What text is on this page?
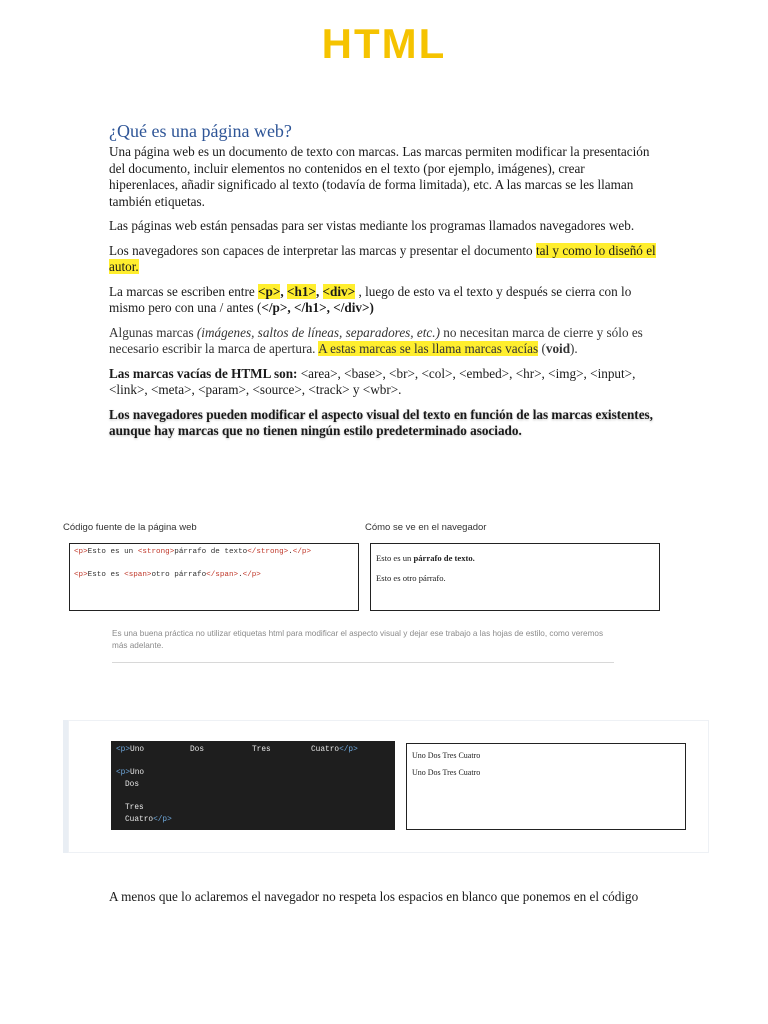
HTML
¿Qué es una página web?
Una página web es un documento de texto con marcas. Las marcas permiten modificar la presentación del documento, incluir elementos no contenidos en el texto (por ejemplo, imágenes), crear hiperenlaces, añadir significado al texto (todavía de forma limitada), etc. A las marcas se les llaman también etiquetas.
Las páginas web están pensadas para ser vistas mediante los programas llamados navegadores web.
Los navegadores son capaces de interpretar las marcas y presentar el documento tal y como lo diseñó el autor.
La marcas se escriben entre <p>, <h1>, <div> , luego de esto va el texto y después se cierra con lo mismo pero con una / antes (</p>, </h1>, </div>)
Algunas marcas (imágenes, saltos de líneas, separadores, etc.) no necesitan marca de cierre y sólo es necesario escribir la marca de apertura. A estas marcas se las llama marcas vacías (void).
Las marcas vacías de HTML son: <area>, <base>, <br>, <col>, <embed>, <hr>, <img>, <input>, <link>, <meta>, <param>, <source>, <track> y <wbr>.
Los navegadores pueden modificar el aspecto visual del texto en función de las marcas existentes, aunque hay marcas que no tienen ningún estilo predeterminado asociado.
Código fuente de la página web	Cómo se ve en el navegador
<p>Esto es un <strong>párrafo de texto</strong>.</p>
<p>Esto es <span>otro párrafo</span>.</p>
Esto es un párrafo de texto.
Esto es otro párrafo.
Es una buena práctica no utilizar etiquetas html para modificar el aspecto visual y dejar ese trabajo a las hojas de estilo, como veremos más adelante.
<p>Uno	Dos	Tres	Cuatro</p>
<p>Uno
Dos
Tres
Cuatro</p>
Uno Dos Tres Cuatro
Uno Dos Tres Cuatro
A menos que lo aclaremos el navegador no respeta los espacios en blanco que ponemos en el código
